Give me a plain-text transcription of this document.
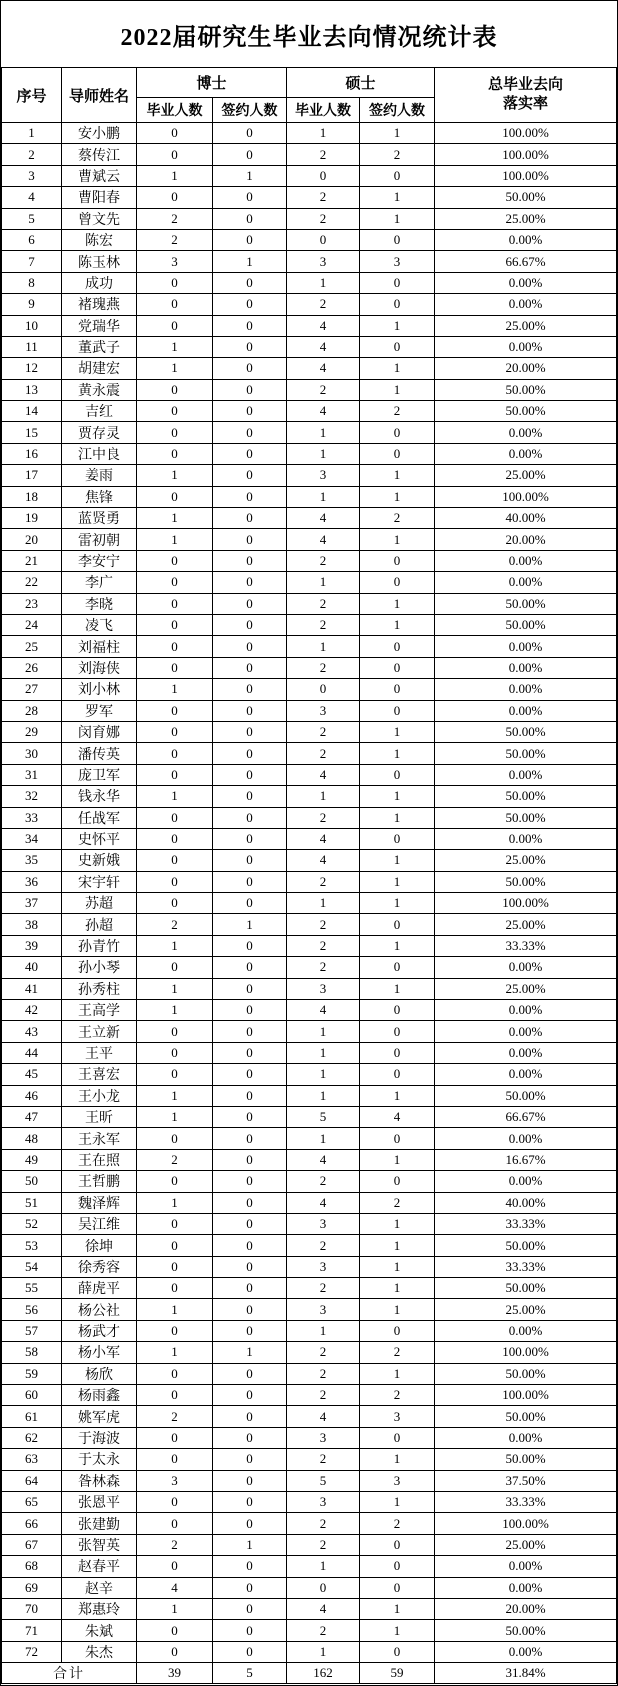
2022届研究生毕业去向情况统计表
序号	导师姓名	博士		硕士		总毕业去向
落实率

		毕业人数	签约人数	毕业人数	签约人数	
1	安小鹏	0	0	1	1	100.00%
2	蔡传江	0	0	2	2	100.00%
3	曹斌云	1	1	0	0	100.00%
4	曹阳春	0	0	2	1	50.00%
5	曾文先	2	0	2	1	25.00%
6	陈宏	2	0	0	0	0.00%
7	陈玉林	3	1	3	3	66.67%
8	成功	0	0	1	0	0.00%
9	褚瑰燕	0	0	2	0	0.00%
10	党瑞华	0	0	4	1	25.00%
11	董武子	1	0	4	0	0.00%
12	胡建宏	1	0	4	1	20.00%
13	黄永震	0	0	2	1	50.00%
14	吉红	0	0	4	2	50.00%
15	贾存灵	0	0	1	0	0.00%
16	江中良	0	0	1	0	0.00%
17	姜雨	1	0	3	1	25.00%
18	焦锋	0	0	1	1	100.00%
19	蓝贤勇	1	0	4	2	40.00%
20	雷初朝	1	0	4	1	20.00%
21	李安宁	0	0	2	0	0.00%
22	李广	0	0	1	0	0.00%
23	李晓	0	0	2	1	50.00%
24	凌飞	0	0	2	1	50.00%
25	刘福柱	0	0	1	0	0.00%
26	刘海侠	0	0	2	0	0.00%
27	刘小林	1	0	0	0	0.00%
28	罗军	0	0	3	0	0.00%
29	闵育娜	0	0	2	1	50.00%
30	潘传英	0	0	2	1	50.00%
31	庞卫军	0	0	4	0	0.00%
32	钱永华	1	0	1	1	50.00%
33	任战军	0	0	2	1	50.00%
34	史怀平	0	0	4	0	0.00%
35	史新娥	0	0	4	1	25.00%
36	宋宇轩	0	0	2	1	50.00%
37	苏超	0	0	1	1	100.00%
38	孙超	2	1	2	0	25.00%
39	孙青竹	1	0	2	1	33.33%
40	孙小琴	0	0	2	0	0.00%
41	孙秀柱	1	0	3	1	25.00%
42	王高学	1	0	4	0	0.00%
43	王立新	0	0	1	0	0.00%
44	王平	0	0	1	0	0.00%
45	王喜宏	0	0	1	0	0.00%
46	王小龙	1	0	1	1	50.00%
47	王昕	1	0	5	4	66.67%
48	王永军	0	0	1	0	0.00%
49	王在照	2	0	4	1	16.67%
50	王哲鹏	0	0	2	0	0.00%
51	魏泽辉	1	0	4	2	40.00%
52	吴江维	0	0	3	1	33.33%
53	徐坤	0	0	2	1	50.00%
54	徐秀容	0	0	3	1	33.33%
55	薛虎平	0	0	2	1	50.00%
56	杨公社	1	0	3	1	25.00%
57	杨武才	0	0	1	0	0.00%
58	杨小军	1	1	2	2	100.00%
59	杨欣	0	0	2	1	50.00%
60	杨雨鑫	0	0	2	2	100.00%
61	姚军虎	2	0	4	3	50.00%
62	于海波	0	0	3	0	0.00%
63	于太永	0	0	2	1	50.00%
64	昝林森	3	0	5	3	37.50%
65	张恩平	0	0	3	1	33.33%
66	张建勤	0	0	2	2	100.00%
67	张智英	2	1	2	0	25.00%
68	赵春平	0	0	1	0	0.00%
69	赵辛	4	0	0	0	0.00%
70	郑惠玲	1	0	4	1	20.00%
71	朱斌	0	0	2	1	50.00%
72	朱杰	0	0	1	0	0.00%
合计		39	5	162	59	31.84%
